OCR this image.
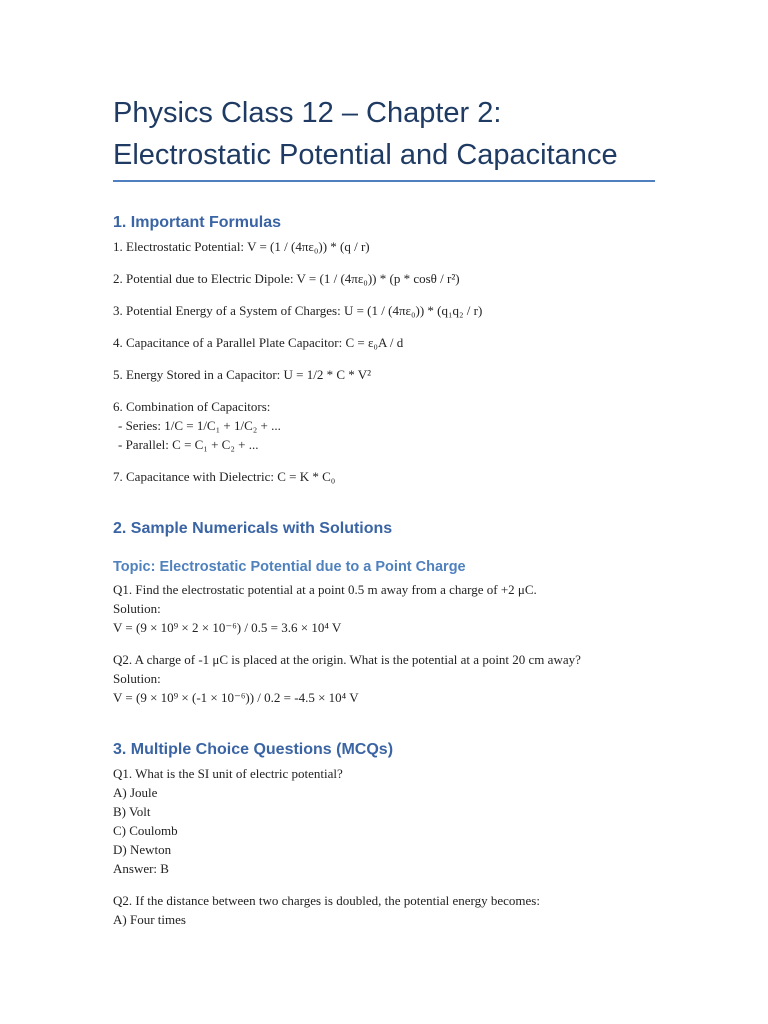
Physics Class 12 – Chapter 2:
Electrostatic Potential and Capacitance
1. Important Formulas

1. Electrostatic Potential: V = (1 / (4πε₀)) * (q / r)

2. Potential due to Electric Dipole: V = (1 / (4πε₀)) * (p * cosθ / r²)

3. Potential Energy of a System of Charges: U = (1 / (4πε₀)) * (q₁q₂ / r)

4. Capacitance of a Parallel Plate Capacitor: C = ε₀A / d

5. Energy Stored in a Capacitor: U = 1/2 * C * V²

6. Combination of Capacitors:

- Series: 1/C = 1/C₁ + 1/C₂ + ...

- Parallel: C = C₁ + C₂ + ...

7. Capacitance with Dielectric: C = K * C₀

2. Sample Numericals with Solutions
Topic: Electrostatic Potential due to a Point Charge

Q1. Find the electrostatic potential at a point 0.5 m away from a charge of +2 μC.

Solution:

V = (9 × 10⁹ × 2 × 10⁻⁶) / 0.5 = 3.6 × 10⁴ V

Q2. A charge of -1 μC is placed at the origin. What is the potential at a point 20 cm away?

Solution:

V = (9 × 10⁹ × (-1 × 10⁻⁶)) / 0.2 = -4.5 × 10⁴ V

3. Multiple Choice Questions (MCQs)

Q1. What is the SI unit of electric potential?

A) Joule

B) Volt

C) Coulomb

D) Newton

Answer: B

Q2. If the distance between two charges is doubled, the potential energy becomes:

A) Four times
